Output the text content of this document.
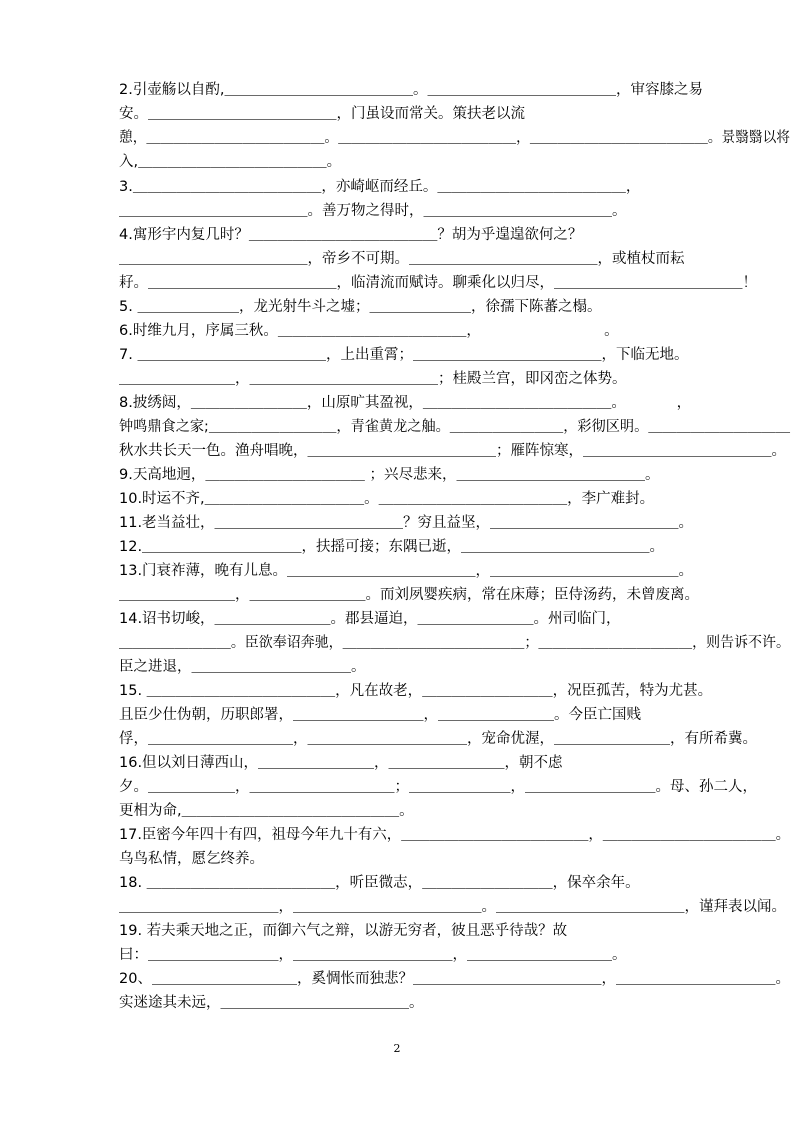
2.引壶觞以自酌,＿＿＿＿＿＿＿＿＿＿＿＿＿。＿＿＿＿＿＿＿＿＿＿＿＿＿，审容膝之易
安。＿＿＿＿＿＿＿＿＿＿＿＿＿，门虽设而常关。策扶老以流
憩，＿＿＿＿＿＿＿＿＿＿＿＿＿。＿＿＿＿＿＿＿＿＿＿＿＿＿，＿＿＿＿＿＿＿＿＿＿＿＿＿。景翳翳以将
入,＿＿＿＿＿＿＿＿＿＿＿＿＿。
3.＿＿＿＿＿＿＿＿＿＿＿＿＿，亦崎岖而经丘。＿＿＿＿＿＿＿＿＿＿＿＿＿，
＿＿＿＿＿＿＿＿＿＿＿＿＿。善万物之得时，＿＿＿＿＿＿＿＿＿＿＿＿＿。
4.寓形宇内复几时？＿＿＿＿＿＿＿＿＿＿＿＿＿？胡为乎遑遑欲何之？
＿＿＿＿＿＿＿＿＿＿＿＿＿，帝乡不可期。＿＿＿＿＿＿＿＿＿＿＿＿＿，或植杖而耘
耔。＿＿＿＿＿＿＿＿＿＿＿＿＿，临清流而赋诗。聊乘化以归尽，＿＿＿＿＿＿＿＿＿＿＿＿＿！
5. ＿＿＿＿＿＿＿，龙光射牛斗之墟；＿＿＿＿＿＿＿，徐孺下陈蕃之榻。
6.时维九月，序属三秋。＿＿＿＿＿＿＿＿＿＿＿＿＿，　　　　　　　　　。
7. ＿＿＿＿＿＿＿＿＿＿＿＿＿，上出重霄；＿＿＿＿＿＿＿＿＿＿＿＿＿，下临无地。
＿＿＿＿＿＿＿＿，＿＿＿＿＿＿＿＿＿＿＿＿＿；桂殿兰宫，即冈峦之体势。
8.披绣闼，＿＿＿＿＿＿＿＿，山原旷其盈视，＿＿＿＿＿＿＿＿＿＿＿＿＿。　　　　，
钟鸣鼎食之家;＿＿＿＿＿＿＿＿＿，青雀黄龙之舳。＿＿＿＿＿＿＿＿，彩彻区明。＿＿＿＿＿＿＿＿＿＿
秋水共长天一色。渔舟唱晚，＿＿＿＿＿＿＿＿＿＿＿＿＿；雁阵惊寒，＿＿＿＿＿＿＿＿＿＿＿＿＿。
9.天高地迥，＿＿＿＿＿＿＿＿＿＿＿ ；兴尽悲来，＿＿＿＿＿＿＿＿＿＿＿＿＿。
10.时运不齐,＿＿＿＿＿＿＿＿＿＿＿。＿＿＿＿＿＿＿＿＿＿＿＿＿，李广难封。
11.老当益壮，＿＿＿＿＿＿＿＿＿＿＿＿＿？穷且益坚，＿＿＿＿＿＿＿＿＿＿＿＿＿。
12.＿＿＿＿＿＿＿＿＿＿＿，扶摇可接；东隅已逝，＿＿＿＿＿＿＿＿＿＿＿＿＿。
13.门衰祚薄，晚有儿息。＿＿＿＿＿＿＿＿＿＿＿＿＿，＿＿＿＿＿＿＿＿＿＿＿＿＿。
＿＿＿＿＿＿＿＿，＿＿＿＿＿＿＿＿。而刘夙婴疾病，常在床蓐；臣侍汤药，未曾废离。
14.诏书切峻，＿＿＿＿＿＿＿＿。郡县逼迫，＿＿＿＿＿＿＿＿。州司临门，
＿＿＿＿＿＿＿＿。臣欲奉诏奔驰，＿＿＿＿＿＿＿＿＿＿＿＿＿；＿＿＿＿＿＿＿＿＿＿＿，则告诉不许。
臣之进退，＿＿＿＿＿＿＿＿＿＿＿。
15. ＿＿＿＿＿＿＿＿＿＿＿＿＿，凡在故老，＿＿＿＿＿＿＿＿＿，况臣孤苦，特为尤甚。
且臣少仕伪朝，历职郎署，＿＿＿＿＿＿＿＿＿，＿＿＿＿＿＿＿＿。今臣亡国贱
俘，＿＿＿＿＿＿＿＿＿＿，＿＿＿＿＿＿＿＿＿＿＿，宠命优渥，＿＿＿＿＿＿＿＿，有所希冀。
16.但以刘日薄西山，＿＿＿＿＿＿＿＿，＿＿＿＿＿＿＿＿，朝不虑
夕。＿＿＿＿＿＿，＿＿＿＿＿＿＿＿＿＿；＿＿＿＿＿＿＿，＿＿＿＿＿＿＿＿＿。母、孙二人，
更相为命,＿＿＿＿＿＿＿＿＿＿＿＿＿＿＿。
17.臣密今年四十有四，祖母今年九十有六，＿＿＿＿＿＿＿＿＿＿＿＿＿，＿＿＿＿＿＿＿＿＿＿＿＿。
乌鸟私情，愿乞终养。
18. ＿＿＿＿＿＿＿＿＿＿＿＿＿，听臣微志，＿＿＿＿＿＿＿＿＿，保卒余年。
＿＿＿＿＿＿＿＿＿＿＿，＿＿＿＿＿＿＿＿＿＿＿＿＿。＿＿＿＿＿＿＿＿＿＿＿＿＿，谨拜表以闻。
19. 若夫乘天地之正，而御六气之辩，以游无穷者，彼且恶乎待哉？故
曰：＿＿＿＿＿＿＿＿＿，＿＿＿＿＿＿＿＿＿＿＿，＿＿＿＿＿＿＿＿＿＿。
20、＿＿＿＿＿＿＿＿＿＿，奚惆怅而独悲？＿＿＿＿＿＿＿＿＿＿＿＿＿，＿＿＿＿＿＿＿＿＿＿＿。
实迷途其未远，＿＿＿＿＿＿＿＿＿＿＿＿＿。
2
